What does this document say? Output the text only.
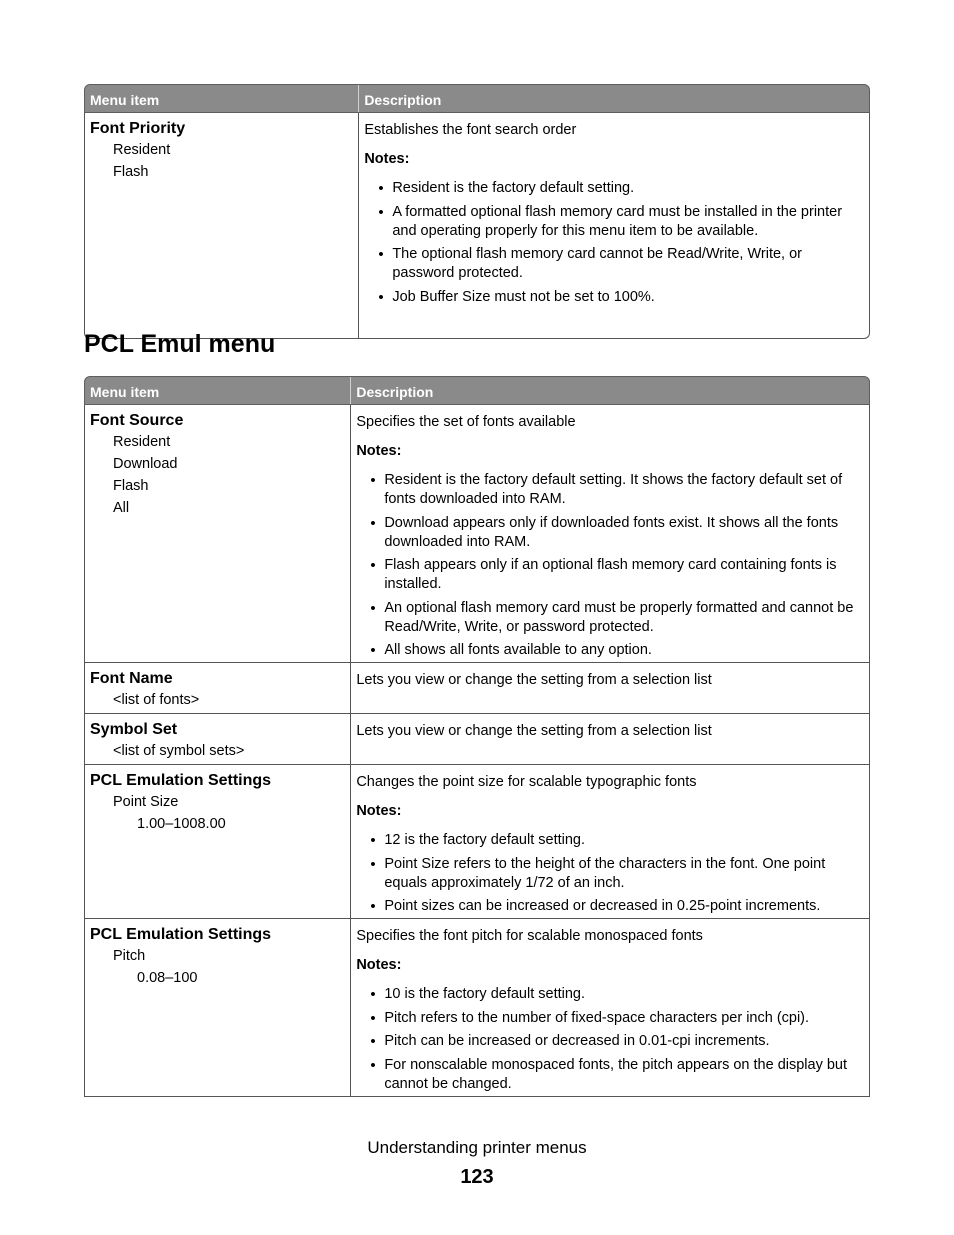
Menu item	Description
Font Priority
Resident
Flash

Establishes the font search order

Notes:

• Resident is the factory default setting.
• A formatted optional flash memory card must be installed in the printer and operating properly for this menu item to be available.
• The optional flash memory card cannot be Read/Write, Write, or password protected.
• Job Buffer Size must not be set to 100%.
PCL Emul menu
Menu item	Description
Font Source
Resident
Download
Flash
All

Specifies the set of fonts available

Notes:

• Resident is the factory default setting. It shows the factory default set of fonts downloaded into RAM.
• Download appears only if downloaded fonts exist. It shows all the fonts downloaded into RAM.
• Flash appears only if an optional flash memory card containing fonts is installed.
• An optional flash memory card must be properly formatted and cannot be Read/Write, Write, or password protected.
• All shows all fonts available to any option.
Font Name
<list of fonts>

Lets you view or change the setting from a selection list

Symbol Set
<list of symbol sets>

Lets you view or change the setting from a selection list

PCL Emulation Settings
Point Size
1.00–1008.00

Changes the point size for scalable typographic fonts

Notes:

• 12 is the factory default setting.
• Point Size refers to the height of the characters in the font. One point equals approximately 1/72 of an inch.
• Point sizes can be increased or decreased in 0.25-point increments.
PCL Emulation Settings
Pitch
0.08–100

Specifies the font pitch for scalable monospaced fonts

Notes:

• 10 is the factory default setting.
• Pitch refers to the number of fixed-space characters per inch (cpi).
• Pitch can be increased or decreased in 0.01-cpi increments.
• For nonscalable monospaced fonts, the pitch appears on the display but cannot be changed.
Understanding printer menus
123
